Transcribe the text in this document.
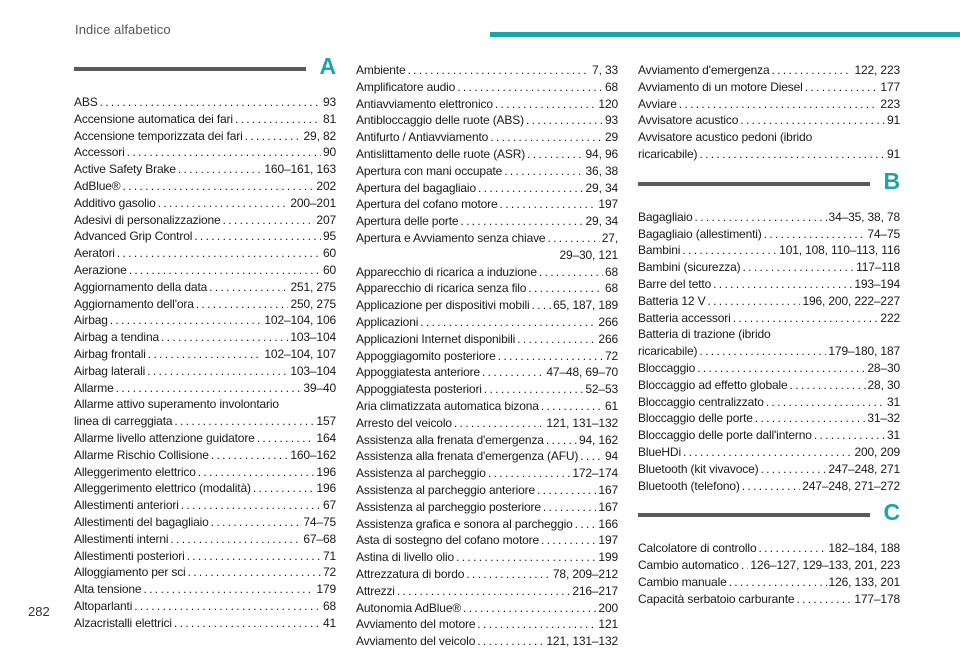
Indice alfabetico
282
A
ABS . . .	93
Accensione automatica dei fari . . .	81
Accensione temporizzata dei fari . . .	29, 82
Accessori . . .	90
Active Safety Brake . . .	160–161, 163
AdBlue® . . .	202
Additivo gasolio . . .	200–201
Adesivi di personalizzazione . . .	207
Advanced Grip Control . . .	95
Aeratori . . .	60
Aerazione . . .	60
Aggiornamento della data . . .	251, 275
Aggiornamento dell'ora . . .	250, 275
Airbag . . .	102–104, 106
Airbag a tendina . . .	103–104
Airbag frontali . . .	102–104, 107
Airbag laterali . . .	103–104
Allarme . . .	39–40
Allarme attivo superamento involontario
linea di carreggiata . . .	157
Allarme livello attenzione guidatore . . .	164
Allarme Rischio Collisione . . .	160–162
Alleggerimento elettrico . . .	196
Alleggerimento elettrico (modalità) . . .	196
Allestimenti anteriori . . .	67
Allestimenti del bagagliaio . . .	74–75
Allestimenti interni . . .	67–68
Allestimenti posteriori . . .	71
Alloggiamento per sci . . .	72
Alta tensione . . .	179
Altoparlanti . . .	68
Alzacristalli elettrici . . .	41
Ambiente . . .	7, 33
Amplificatore audio . . .	68
Antiavviamento elettronico . . .	120
Antibloccaggio delle ruote (ABS) . . .	93
Antifurto / Antiavviamento . . .	29
Antislittamento delle ruote (ASR) . . .	94, 96
Apertura con mani occupate . . .	36, 38
Apertura del bagagliaio . . .	29, 34
Apertura del cofano motore . . .	197
Apertura delle porte . . .	29, 34
Apertura e Avviamento senza chiave . . .	27,
29–30, 121
Apparecchio di ricarica a induzione . . .	68
Apparecchio di ricarica senza filo . . .	68
Applicazione per dispositivi mobili . . . 65, 187, 189
Applicazioni . . .	266
Applicazioni Internet disponibili . . .	266
Appoggiagomito posteriore . . .	72
Appoggiatesta anteriore . . .	47–48, 69–70
Appoggiatesta posteriori . . .	52–53
Aria climatizzata automatica bizona . . .	61
Arresto del veicolo . . .	121, 131–132
Assistenza alla frenata d'emergenza . . .	94, 162
Assistenza alla frenata d'emergenza (AFU) . . . 94
Assistenza al parcheggio . . .	172–174
Assistenza al parcheggio anteriore . . .	167
Assistenza al parcheggio posteriore . . .	167
Assistenza grafica e sonora al parcheggio . . . 166
Asta di sostegno del cofano motore . . .	197
Astina di livello olio . . .	199
Attrezzatura di bordo . . .	78, 209–212
Attrezzi . . .	216–217
Autonomia AdBlue® . . .	200
Avviamento del motore . . .	121
Avviamento del veicolo . . .	121, 131–132
Avviamento d'emergenza . . .	122, 223
Avviamento di un motore Diesel . . .	177
Avviare . . .	223
Avvisatore acustico . . .	91
Avvisatore acustico pedoni (ibrido
ricaricabile) . . .	91
B
Bagagliaio . . .	34–35, 38, 78
Bagagliaio (allestimenti) . . .	74–75
Bambini . . .	101, 108, 110–113, 116
Bambini (sicurezza) . . .	117–118
Barre del tetto . . .	193–194
Batteria 12 V . . .	196, 200, 222–227
Batteria accessori . . .	222
Batteria di trazione (ibrido
ricaricabile) . . .	179–180, 187
Bloccaggio . . .	28–30
Bloccaggio ad effetto globale . . .	28, 30
Bloccaggio centralizzato . . .	31
Bloccaggio delle porte . . .	31–32
Bloccaggio delle porte dall'interno . . .	31
BlueHDi . . .	200, 209
Bluetooth (kit vivavoce) . . .	247–248, 271
Bluetooth (telefono) . . .	247–248, 271–272
C
Calcolatore di controllo . . .	182–184, 188
Cambio automatico . . . 126–127, 129–133, 201, 223
Cambio manuale . . .	126, 133, 201
Capacità serbatoio carburante . . .	177–178
